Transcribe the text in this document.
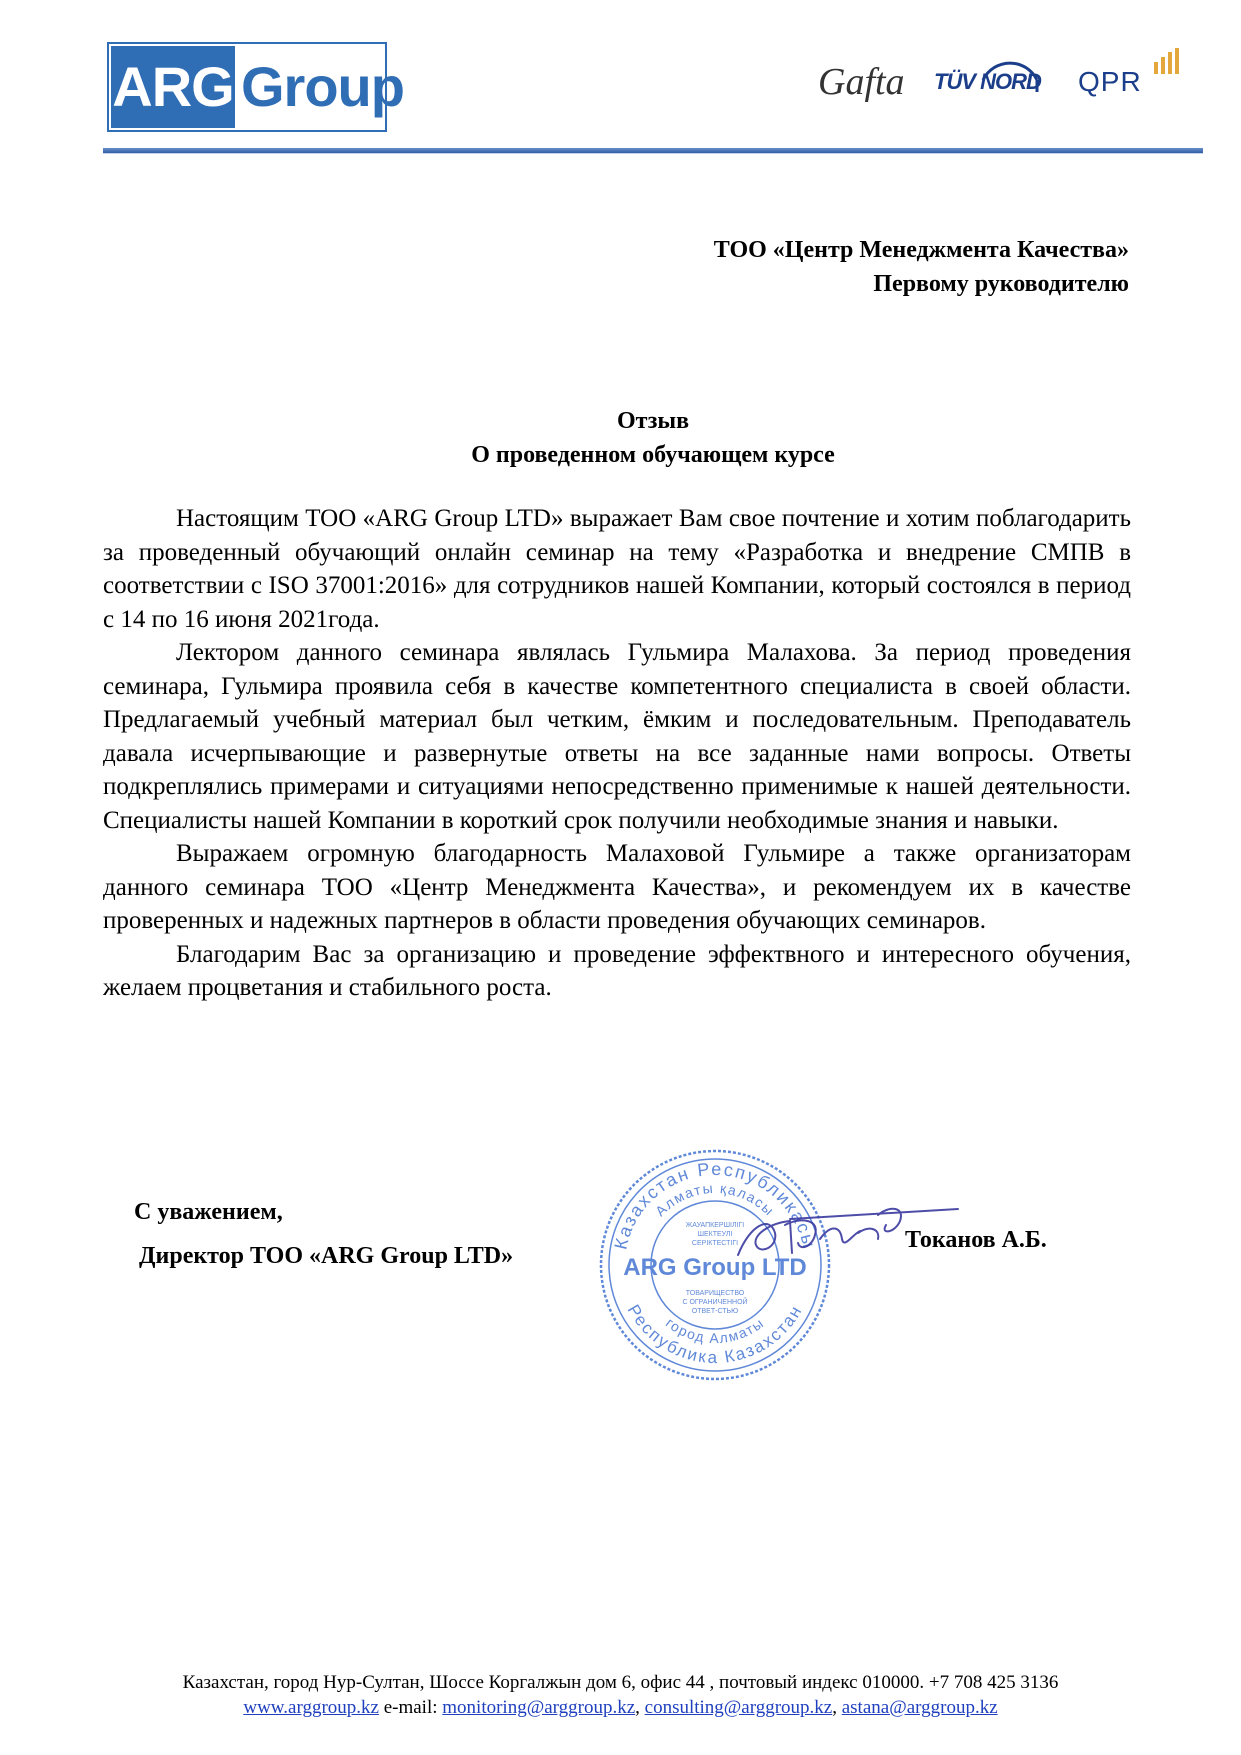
ARG Group	Gafta TÜV NORD QPR
ТОО «Центр Менеджмента Качества»
Первому руководителю
Отзыв
О проведенном обучающем курсе

Настоящим ТОО «ARG Group LTD» выражает Вам свое почтение и хотим поблагодарить за проведенный обучающий онлайн семинар на тему «Разработка и внедрение СМПВ в соответствии с ISO 37001:2016» для сотрудников нашей Компании, который состоялся в период с 14 по 16 июня 2021года.

Лектором данного семинара являлась Гульмира Малахова. За период проведения семинара, Гульмира проявила себя в качестве компетентного специалиста в своей области. Предлагаемый учебный материал был четким, ёмким и последовательным. Преподаватель давала исчерпывающие и развернутые ответы на все заданные нами вопросы. Ответы подкреплялись примерами и ситуациями непосредственно применимые к нашей деятельности. Специалисты нашей Компании в короткий срок получили необходимые знания и навыки.

Выражаем огромную благодарность Малаховой Гульмире а также организаторам данного семинара ТОО «Центр Менеджмента Качества», и рекомендуем их в качестве проверенных и надежных партнеров в области проведения обучающих семинаров.

Благодарим Вас за организацию и проведение эффектвного и интересного обучения, желаем процветания и стабильного роста.

С уважением,
Директор ТОО «ARG Group LTD»
Казахстан Республикасы
Алматы қаласы
ЖАУАПКЕРШІЛІГІ
ШЕКТЕУЛІ
СЕРІКТЕСТІГІ
ARG Group LTD
ТОВАРИЩЕСТВО
С ОГРАНИЧЕННОЙ
ОТВЕТ-СТЬЮ
город Алматы
Республика Казахстан
Токанов А.Б.
Казахстан, город Нур-Султан, Шоссе Коргалжын дом 6, офис 44 , почтовый индекс 010000. +7 708 425 3136
www.arggroup.kz e-mail: monitoring@arggroup.kz, consulting@arggroup.kz, astana@arggroup.kz
